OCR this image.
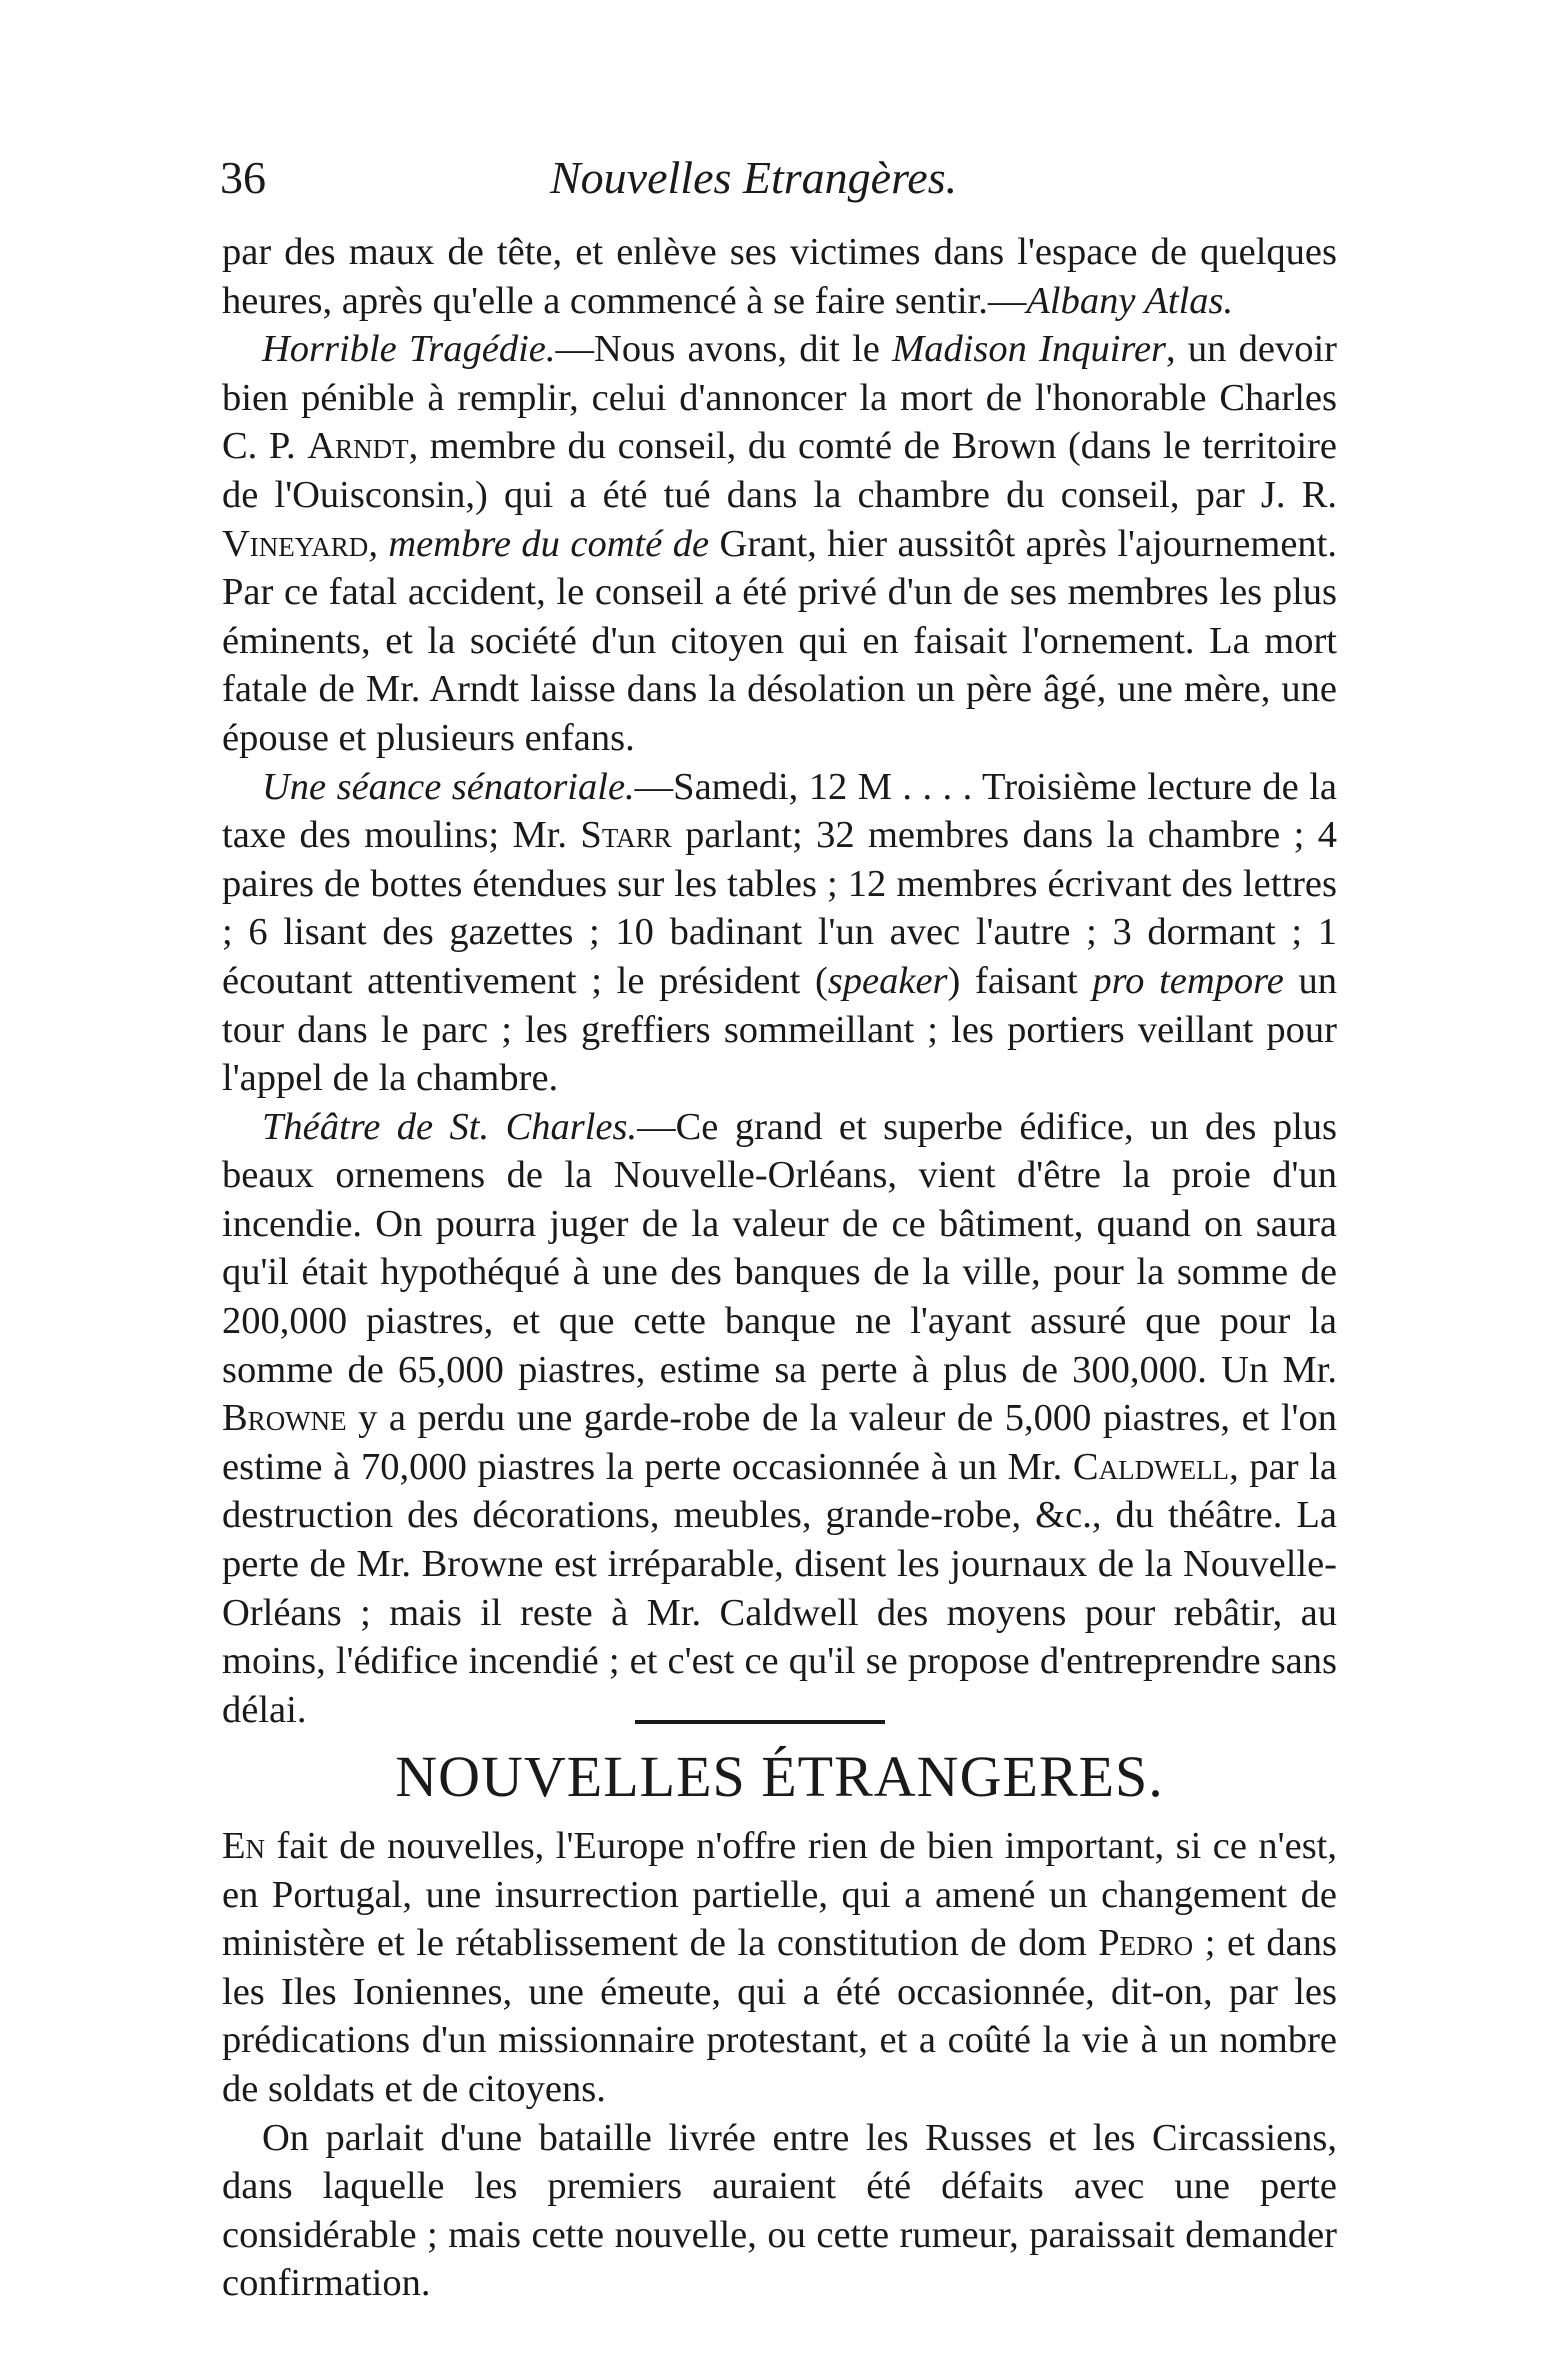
36	Nouvelles Etrangères.

par des maux de tête, et enlève ses victimes dans l'espace de quelques heures, après qu'elle a commencé à se faire sentir.—Albany Atlas.

Horrible Tragédie.—Nous avons, dit le Madison Inquirer, un devoir bien pénible à remplir, celui d'annoncer la mort de l'honorable Charles C. P. Arndt, membre du conseil, du comté de Brown (dans le territoire de l'Ouisconsin,) qui a été tué dans la chambre du conseil, par J. R. Vineyard, membre du comté de Grant, hier aussitôt après l'ajournement. Par ce fatal accident, le conseil a été privé d'un de ses membres les plus éminents, et la société d'un citoyen qui en faisait l'ornement. La mort fatale de Mr. Arndt laisse dans la désolation un père âgé, une mère, une épouse et plusieurs enfans.

Une séance sénatoriale.—Samedi, 12 M . . . . Troisième lecture de la taxe des moulins; Mr. Starr parlant; 32 membres dans la chambre ; 4 paires de bottes étendues sur les tables ; 12 membres écrivant des lettres ; 6 lisant des gazettes ; 10 badinant l'un avec l'autre ; 3 dormant ; 1 écoutant attentivement ; le président (speaker) faisant pro tempore un tour dans le parc ; les greffiers sommeillant ; les portiers veillant pour l'appel de la chambre.

Théâtre de St. Charles.—Ce grand et superbe édifice, un des plus beaux ornemens de la Nouvelle-Orléans, vient d'être la proie d'un incendie. On pourra juger de la valeur de ce bâtiment, quand on saura qu'il était hypothéqué à une des banques de la ville, pour la somme de 200,000 piastres, et que cette banque ne l'ayant assuré que pour la somme de 65,000 piastres, estime sa perte à plus de 300,000. Un Mr. Browne y a perdu une garde-robe de la valeur de 5,000 piastres, et l'on estime à 70,000 piastres la perte occasionnée à un Mr. Caldwell, par la destruction des décorations, meubles, grande-robe, &c., du théâtre. La perte de Mr. Browne est irréparable, disent les journaux de la Nouvelle-Orléans ; mais il reste à Mr. Caldwell des moyens pour rebâtir, au moins, l'édifice incendié ; et c'est ce qu'il se propose d'entreprendre sans délai.

NOUVELLES ÉTRANGERES.

En fait de nouvelles, l'Europe n'offre rien de bien important, si ce n'est, en Portugal, une insurrection partielle, qui a amené un changement de ministère et le rétablissement de la constitution de dom Pedro ; et dans les Iles Ioniennes, une émeute, qui a été occasionnée, dit-on, par les prédications d'un missionnaire protestant, et a coûté la vie à un nombre de soldats et de citoyens.

On parlait d'une bataille livrée entre les Russes et les Circassiens, dans laquelle les premiers auraient été défaits avec une perte considérable ; mais cette nouvelle, ou cette rumeur, paraissait demander confirmation.
